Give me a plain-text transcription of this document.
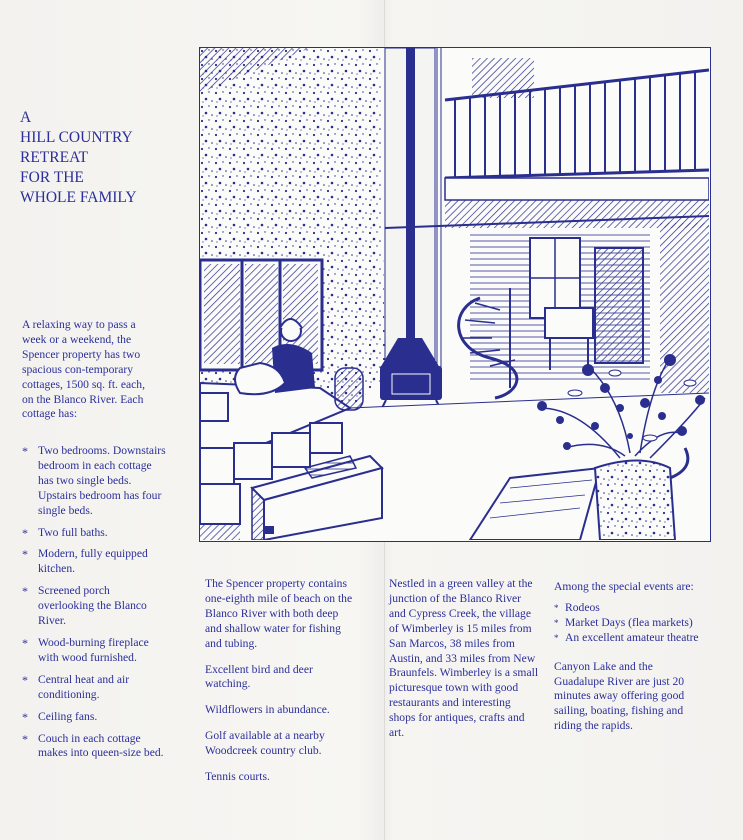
A
HILL COUNTRY
RETREAT
FOR THE
WHOLE FAMILY
A relaxing way to pass a week or a weekend, the Spencer property has two spacious con-temporary cottages, 1500 sq. ft. each, on the Blanco River. Each cottage has:
* Two bedrooms. Downstairs bedroom in each cottage has two single beds. Upstairs bedroom has four single beds.
* Two full baths.
* Modern, fully equipped kitchen.
* Screened porch overlooking the Blanco River.
* Wood-burning fireplace with wood furnished.
* Central heat and air conditioning.
* Ceiling fans.
* Couch in each cottage makes into queen-size bed.

The Spencer property contains one-eighth mile of beach on the Blanco River with both deep and shallow water for fishing and tubing.

Excellent bird and deer watching.

Wildflowers in abundance.

Golf available at a nearby Woodcreek country club.

Tennis courts.

Nestled in a green valley at the junction of the Blanco River and Cypress Creek, the village of Wimberley is 15 miles from San Marcos, 38 miles from Austin, and 33 miles from New Braunfels. Wimberley is a small picturesque town with good restaurants and interesting shops for antiques, crafts and art.

Among the special events are:
* Rodeos
* Market Days (flea markets)
* An excellent amateur theatre
Canyon Lake and the Guadalupe River are just 20 minutes away offering good sailing, boating, fishing and riding the rapids.
